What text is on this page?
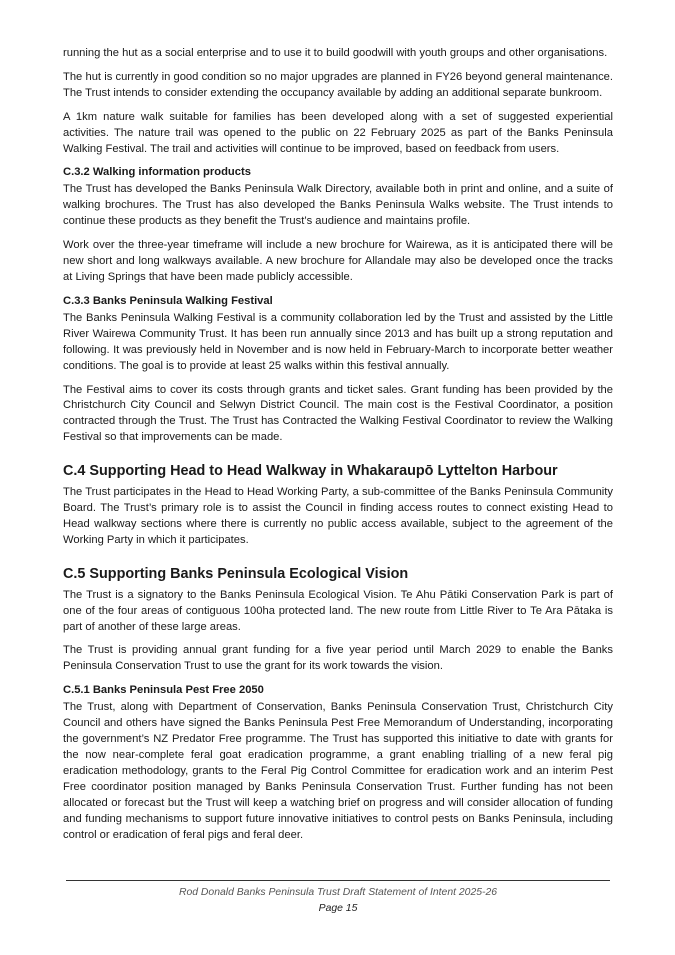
running the hut as a social enterprise and to use it to build goodwill with youth groups and other organisations.

The hut is currently in good condition so no major upgrades are planned in FY26 beyond general maintenance. The Trust intends to consider extending the occupancy available by adding an additional separate bunkroom.

A 1km nature walk suitable for families has been developed along with a set of suggested experiential activities. The nature trail was opened to the public on 22 February 2025 as part of the Banks Peninsula Walking Festival. The trail and activities will continue to be improved, based on feedback from users.

C.3.2 Walking information products

The Trust has developed the Banks Peninsula Walk Directory, available both in print and online, and a suite of walking brochures. The Trust has also developed the Banks Peninsula Walks website. The Trust intends to continue these products as they benefit the Trust’s audience and maintains profile.

Work over the three-year timeframe will include a new brochure for Wairewa, as it is anticipated there will be new short and long walkways available. A new brochure for Allandale may also be developed once the tracks at Living Springs that have been made publicly accessible.

C.3.3 Banks Peninsula Walking Festival

The Banks Peninsula Walking Festival is a community collaboration led by the Trust and assisted by the Little River Wairewa Community Trust. It has been run annually since 2013 and has built up a strong reputation and following. It was previously held in November and is now held in February-March to incorporate better weather conditions. The goal is to provide at least 25 walks within this festival annually.

The Festival aims to cover its costs through grants and ticket sales. Grant funding has been provided by the Christchurch City Council and Selwyn District Council. The main cost is the Festival Coordinator, a position contracted through the Trust. The Trust has Contracted the Walking Festival Coordinator to review the Walking Festival so that improvements can be made.

C.4 Supporting Head to Head Walkway in Whakaraupō Lyttelton Harbour

The Trust participates in the Head to Head Working Party, a sub-committee of the Banks Peninsula Community Board. The Trust’s primary role is to assist the Council in finding access routes to connect existing Head to Head walkway sections where there is currently no public access available, subject to the agreement of the Working Party in which it participates.

C.5 Supporting Banks Peninsula Ecological Vision

The Trust is a signatory to the Banks Peninsula Ecological Vision. Te Ahu Pātiki Conservation Park is part of one of the four areas of contiguous 100ha protected land. The new route from Little River to Te Ara Pātaka is part of another of these large areas.

The Trust is providing annual grant funding for a five year period until March 2029 to enable the Banks Peninsula Conservation Trust to use the grant for its work towards the vision.

C.5.1 Banks Peninsula Pest Free 2050

The Trust, along with Department of Conservation, Banks Peninsula Conservation Trust, Christchurch City Council and others have signed the Banks Peninsula Pest Free Memorandum of Understanding, incorporating the government’s NZ Predator Free programme. The Trust has supported this initiative to date with grants for the now near-complete feral goat eradication programme, a grant enabling trialling of a new feral pig eradication methodology, grants to the Feral Pig Control Committee for eradication work and an interim Pest Free coordinator position managed by Banks Peninsula Conservation Trust. Further funding has not been allocated or forecast but the Trust will keep a watching brief on progress and will consider allocation of funding and funding mechanisms to support future innovative initiatives to control pests on Banks Peninsula, including control or eradication of feral pigs and feral deer.

Rod Donald Banks Peninsula Trust Draft Statement of Intent 2025-26
Page 15
